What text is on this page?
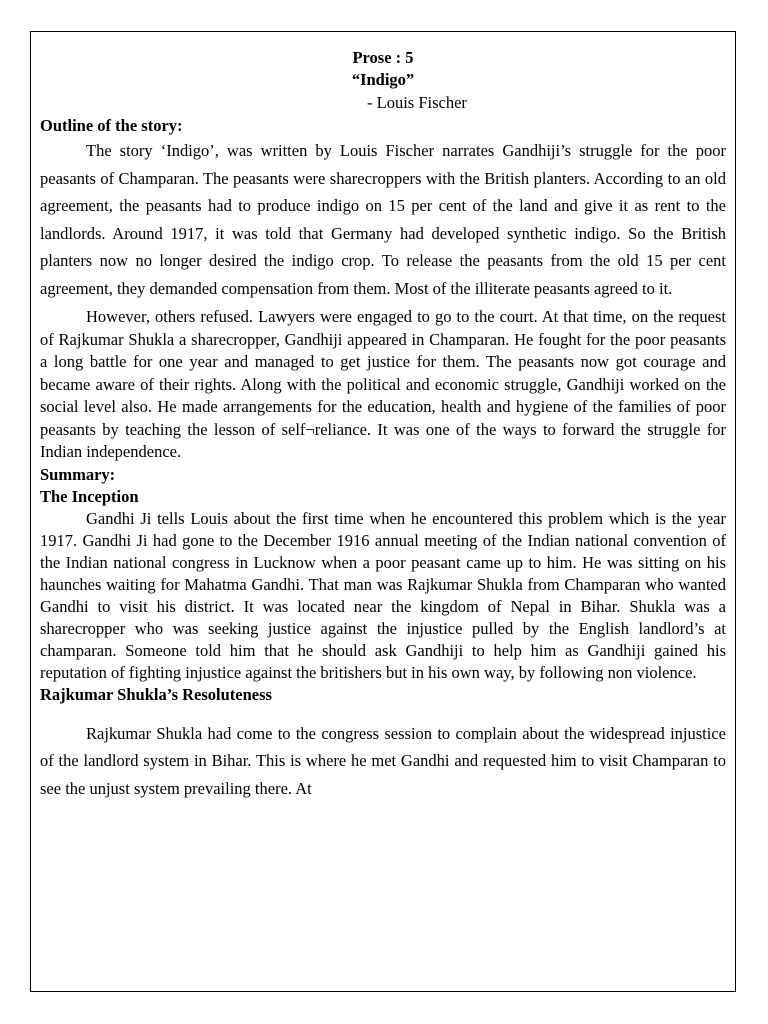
Prose : 5

“Indigo”

- Louis Fischer

Outline of the story:

The story ‘Indigo’, was written by Louis Fischer narrates Gandhiji’s struggle for the poor peasants of Champaran. The peasants were sharecroppers with the British planters. According to an old agreement, the peasants had to produce indigo on 15 per cent of the land and give it as rent to the landlords. Around 1917, it was told that Germany had developed synthetic indigo. So the British planters now no longer desired the indigo crop. To release the peasants from the old 15 per cent agreement, they demanded compensation from them. Most of the illiterate peasants agreed to it.

However, others refused. Lawyers were engaged to go to the court. At that time, on the request of Rajkumar Shukla a sharecropper, Gandhiji appeared in Champaran. He fought for the poor peasants a long battle for one year and managed to get justice for them. The peasants now got courage and became aware of their rights. Along with the political and economic struggle, Gandhiji worked on the social level also. He made arrangements for the education, health and hygiene of the families of poor peasants by teaching the lesson of self¬reliance. It was one of the ways to forward the struggle for Indian independence.

Summary:

The Inception

Gandhi Ji tells Louis about the first time when he encountered this problem which is the year 1917. Gandhi Ji had gone to the December 1916 annual meeting of the Indian national convention of the Indian national congress in Lucknow when a poor peasant came up to him. He was sitting on his haunches waiting for Mahatma Gandhi. That man was Rajkumar Shukla from Champaran who wanted Gandhi to visit his district. It was located near the kingdom of Nepal in Bihar. Shukla was a sharecropper who was seeking justice against the injustice pulled by the English landlord’s at champaran. Someone told him that he should ask Gandhiji to help him as Gandhiji gained his reputation of fighting injustice against the britishers but in his own way, by following non violence.

Rajkumar Shukla’s Resoluteness

Rajkumar Shukla had come to the congress session to complain about the widespread injustice of the landlord system in Bihar. This is where he met Gandhi and requested him to visit Champaran to see the unjust system prevailing there. At
